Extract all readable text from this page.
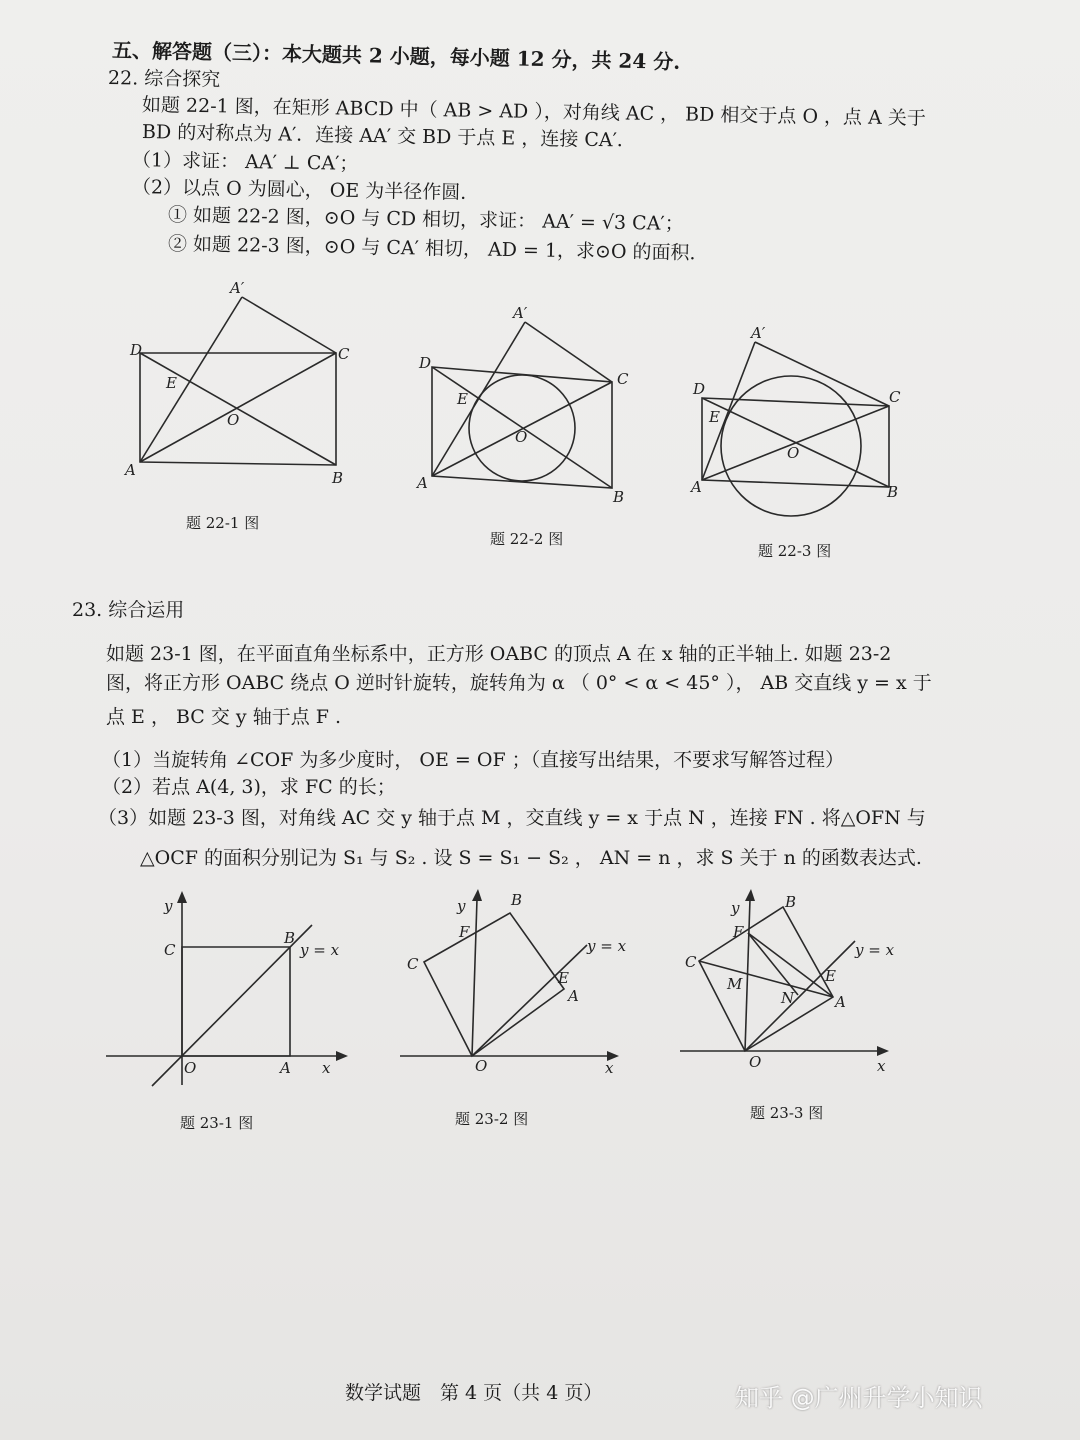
五、解答题（三）：本大题共 2 小题，每小题 12 分，共 24 分.
22. 综合探究
如题 22-1 图，在矩形 ABCD 中（ AB > AD ），对角线 AC ， BD 相交于点 O ，点 A 关于
BD 的对称点为 A′．连接 AA′ 交 BD 于点 E ，连接 CA′．
（1）求证： AA′ ⊥ CA′；
（2）以点 O 为圆心， OE 为半径作圆.
① 如题 22-2 图，⊙O 与 CD 相切，求证： AA′ = √3 CA′；
② 如题 22-3 图，⊙O 与 CA′ 相切， AD = 1，求⊙O 的面积.
A′
D	C
E
O
A	B
题 22-1 图
A′
D
C
E
O
A
B
题 22-2 图
A′
D	C
E
O
A	B
题 22-3 图
23. 综合运用
如题 23-1 图，在平面直角坐标系中，正方形 OABC 的顶点 A 在 x 轴的正半轴上. 如题 23-2
图，将正方形 OABC 绕点 O 逆时针旋转，旋转角为 α （ 0° < α < 45° ）， AB 交直线 y = x 于
点 E ， BC 交 y 轴于点 F .
（1）当旋转角 ∠COF 为多少度时， OE = OF ；（直接写出结果，不要求写解答过程）
（2）若点 A(4, 3)，求 FC 的长；
（3）如题 23-3 图，对角线 AC 交 y 轴于点 M ，交直线 y = x 于点 N ，连接 FN . 将△OFN 与
△OCF 的面积分别记为 S₁ 与 S₂ . 设 S = S₁ − S₂ ， AN = n ，求 S 关于 n 的函数表达式.
y
C
B
y = x
O	A x
题 23-1 图
y	B
F
C
y = x
E
A
O	x
题 23-2 图
y	B
F
C
y = x
M	E
N	A
O	x
题 23-3 图
数学试题　第 4 页（共 4 页）	知乎 @广州升学小知识
